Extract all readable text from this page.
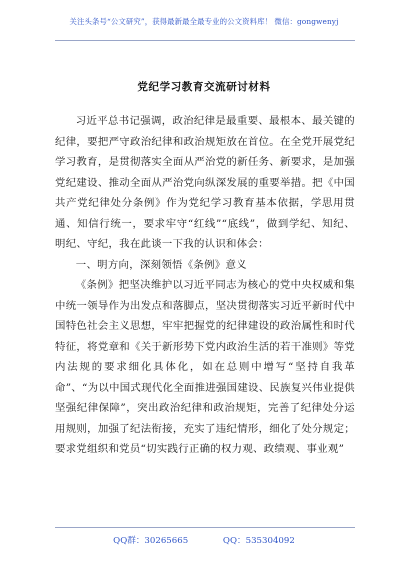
关注头条号“公文研究”，获得最新最全最专业的公文资料库！ 微信：gongwenyj
党纪学习教育交流研讨材料

习近平总书记强调，政治纪律是最重要、最根本、最关键的纪律，要把严守政治纪律和政治规矩放在首位。在全党开展党纪学习教育，是贯彻落实全面从严治党的新任务、新要求，是加强党纪建设、推动全面从严治党向纵深发展的重要举措。把《中国共产党纪律处分条例》作为党纪学习教育基本依据，学思用贯通、知信行统一，要求牢守“红线”“底线”，做到学纪、知纪、明纪、守纪，我在此谈一下我的认识和体会：

一、明方向，深刻领悟《条例》意义

《条例》把坚决维护以习近平同志为核心的党中央权威和集中统一领导作为出发点和落脚点，坚决贯彻落实习近平新时代中国特色社会主义思想，牢牢把握党的纪律建设的政治属性和时代特征，将党章和《关于新形势下党内政治生活的若干准则》等党内法规的要求细化具体化，如在总则中增写“坚持自我革命”、“为以中国式现代化全面推进强国建设、民族复兴伟业提供坚强纪律保障”，突出政治纪律和政治规矩，完善了纪律处分运用规则，加强了纪法衔接，充实了违纪情形，细化了处分规定；要求党组织和党员“切实践行正确的权力观、政绩观、事业观”

QQ群：30265665	QQ：535304092
